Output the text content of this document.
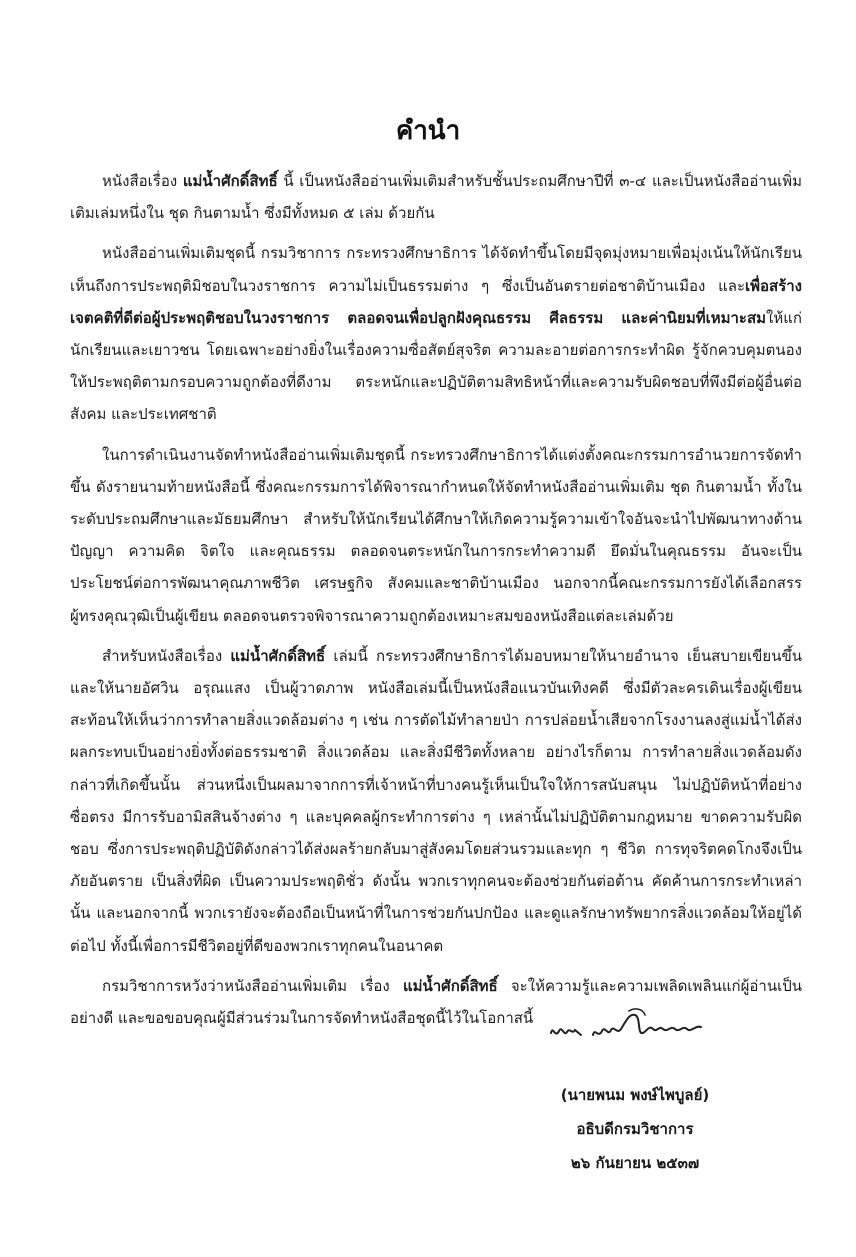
คำนำ

หนังสือเรื่อง แม่น้ำศักดิ์สิทธิ์ นี้ เป็นหนังสืออ่านเพิ่มเติมสำหรับชั้นประถมศึกษาปีที่ ๓-๔ และเป็นหนังสืออ่านเพิ่มเติมเล่มหนึ่งใน ชุด กินตามน้ำ ซึ่งมีทั้งหมด ๕ เล่ม ด้วยกัน

หนังสืออ่านเพิ่มเติมชุดนี้ กรมวิชาการ กระทรวงศึกษาธิการ ได้จัดทำขึ้นโดยมีจุดมุ่งหมายเพื่อมุ่งเน้นให้นักเรียนเห็นถึงการประพฤติมิชอบในวงราชการ ความไม่เป็นธรรมต่าง ๆ ซึ่งเป็นอันตรายต่อชาติบ้านเมือง และเพื่อสร้างเจตคติที่ดีต่อผู้ประพฤติชอบในวงราชการ ตลอดจนเพื่อปลูกฝังคุณธรรม ศีลธรรม และค่านิยมที่เหมาะสมให้แก่นักเรียนและเยาวชน โดยเฉพาะอย่างยิ่งในเรื่องความซื่อสัตย์สุจริต ความละอายต่อการกระทำผิด รู้จักควบคุมตนองให้ประพฤติตามกรอบความถูกต้องที่ดีงาม ตระหนักและปฏิบัติตามสิทธิหน้าที่และความรับผิดชอบที่พึงมีต่อผู้อื่นต่อสังคม และประเทศชาติ

ในการดำเนินงานจัดทำหนังสืออ่านเพิ่มเติมชุดนี้ กระทรวงศึกษาธิการได้แต่งตั้งคณะกรรมการอำนวยการจัดทำขึ้น ดังรายนามท้ายหนังสือนี้ ซึ่งคณะกรรมการได้พิจารณากำหนดให้จัดทำหนังสืออ่านเพิ่มเติม ชุด กินตามน้ำ ทั้งในระดับประถมศึกษาและมัธยมศึกษา สำหรับให้นักเรียนได้ศึกษาให้เกิดความรู้ความเข้าใจอันจะนำไปพัฒนาทางด้านปัญญา ความคิด จิตใจ และคุณธรรม ตลอดจนตระหนักในการกระทำความดี ยึดมั่นในคุณธรรม อันจะเป็นประโยชน์ต่อการพัฒนาคุณภาพชีวิต เศรษฐกิจ สังคมและชาติบ้านเมือง นอกจากนี้คณะกรรมการยังได้เลือกสรรผู้ทรงคุณวุฒิเป็นผู้เขียน ตลอดจนตรวจพิจารณาความถูกต้องเหมาะสมของหนังสือแต่ละเล่มด้วย

สำหรับหนังสือเรื่อง แม่น้ำศักดิ์สิทธิ์ เล่มนี้ กระทรวงศึกษาธิการได้มอบหมายให้นายอำนาจ เย็นสบายเขียนขึ้น และให้นายอัศวิน อรุณแสง เป็นผู้วาดภาพ หนังสือเล่มนี้เป็นหนังสือแนวบันเทิงคดี ซึ่งมีตัวละครเดินเรื่องผู้เขียนสะท้อนให้เห็นว่าการทำลายสิ่งแวดล้อมต่าง ๆ เช่น การตัดไม้ทำลายป่า การปล่อยน้ำเสียจากโรงงานลงสู่แม่น้ำได้ส่งผลกระทบเป็นอย่างยิ่งทั้งต่อธรรมชาติ สิ่งแวดล้อม และสิ่งมีชีวิตทั้งหลาย อย่างไรก็ตาม การทำลายสิ่งแวดล้อมดังกล่าวที่เกิดขึ้นนั้น ส่วนหนึ่งเป็นผลมาจากการที่เจ้าหน้าที่บางคนรู้เห็นเป็นใจให้การสนับสนุน ไม่ปฏิบัติหน้าที่อย่างซื่อตรง มีการรับอามิสสินจ้างต่าง ๆ และบุคคลผู้กระทำการต่าง ๆ เหล่านั้นไม่ปฏิบัติตามกฎหมาย ขาดความรับผิดชอบ ซึ่งการประพฤติปฏิบัติดังกล่าวได้ส่งผลร้ายกลับมาสู่สังคมโดยส่วนรวมและทุก ๆ ชีวิต การทุจริตคดโกงจึงเป็นภัยอันตราย เป็นสิ่งที่ผิด เป็นความประพฤติชั่ว ดังนั้น พวกเราทุกคนจะต้องช่วยกันต่อต้าน คัดค้านการกระทำเหล่านั้น และนอกจากนี้ พวกเรายังจะต้องถือเป็นหน้าที่ในการช่วยกันปกป้อง และดูแลรักษาทรัพยากรสิ่งแวดล้อมให้อยู่ได้ต่อไป ทั้งนี้เพื่อการมีชีวิตอยู่ที่ดีของพวกเราทุกคนในอนาคต

กรมวิชาการหวังว่าหนังสืออ่านเพิ่มเติม เรื่อง แม่น้ำศักดิ์สิทธิ์ จะให้ความรู้และความเพลิดเพลินแก่ผู้อ่านเป็นอย่างดี และขอขอบคุณผู้มีส่วนร่วมในการจัดทำหนังสือชุดนี้ไว้ในโอกาสนี้

(นายพนม พงษ์ไพบูลย์)
อธิบดีกรมวิชาการ
๒๖ กันยายน ๒๕๓๗
